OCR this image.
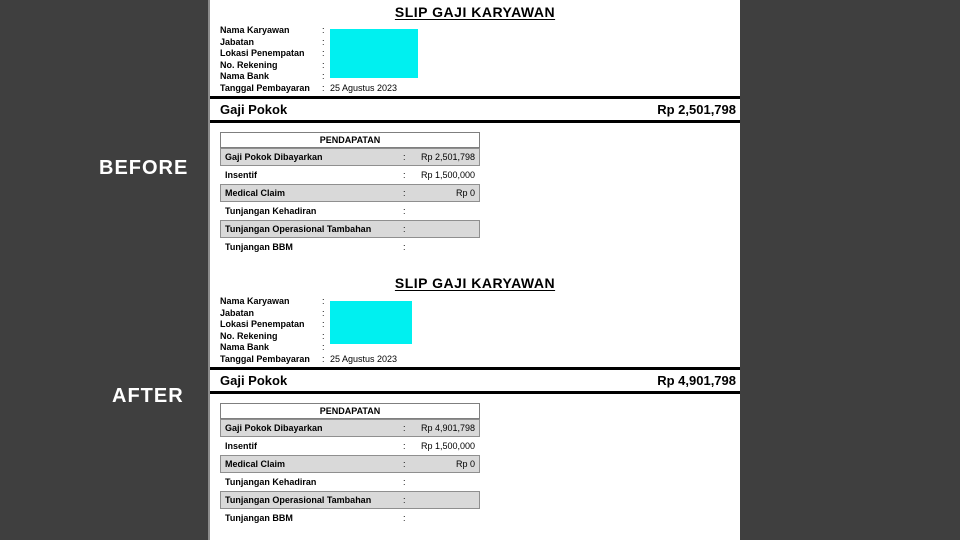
BEFORE
AFTER
SLIP GAJI KARYAWAN
Nama Karyawan	:
Jabatan	:
Lokasi Penempatan	:
No. Rekening	:
Nama Bank	:
Tanggal Pembayaran	: 25 Agustus 2023
Gaji Pokok	Rp 2,501,798
PENDAPATAN
Gaji Pokok Dibayarkan	:	Rp 2,501,798
Insentif	:	Rp 1,500,000
Medical Claim	:	Rp 0
Tunjangan Kehadiran	:
Tunjangan Operasional Tambahan	:
Tunjangan BBM	:
SLIP GAJI KARYAWAN
Nama Karyawan	:
Jabatan	:
Lokasi Penempatan	:
No. Rekening	:
Nama Bank	:
Tanggal Pembayaran	: 25 Agustus 2023
Gaji Pokok	Rp 4,901,798
PENDAPATAN
Gaji Pokok Dibayarkan	:	Rp 4,901,798
Insentif	:	Rp 1,500,000
Medical Claim	:	Rp 0
Tunjangan Kehadiran	:
Tunjangan Operasional Tambahan	:
Tunjangan BBM	:
